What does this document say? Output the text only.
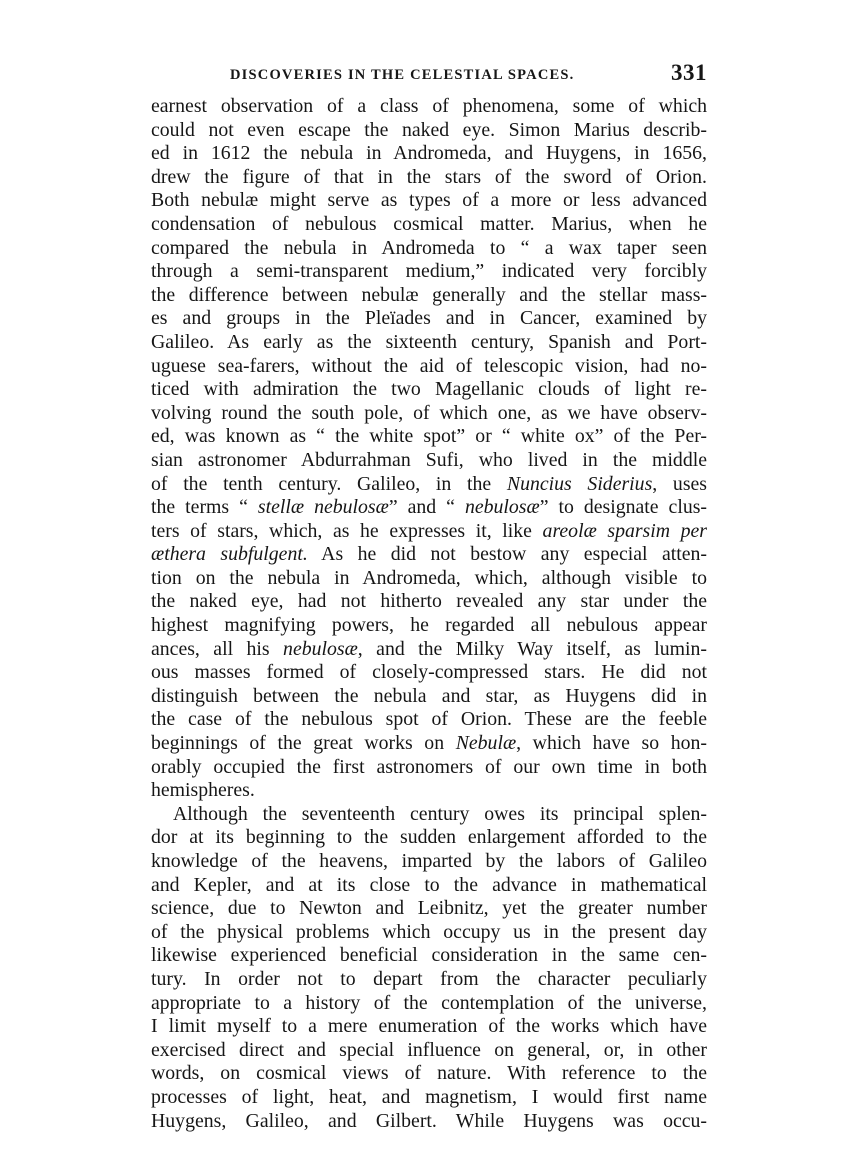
DISCOVERIES IN THE CELESTIAL SPACES.	331
earnest observation of a class of phenomena, some of which
could not even escape the naked eye. Simon Marius describ-
ed in 1612 the nebula in Andromeda, and Huygens, in 1656,
drew the figure of that in the stars of the sword of Orion.
Both nebulæ might serve as types of a more or less advanced
condensation of nebulous cosmical matter. Marius, when he
compared the nebula in Andromeda to “ a wax taper seen
through a semi-transparent medium,” indicated very forcibly
the difference between nebulæ generally and the stellar mass-
es and groups in the Pleïades and in Cancer, examined by
Galileo. As early as the sixteenth century, Spanish and Port-
uguese sea-farers, without the aid of telescopic vision, had no-
ticed with admiration the two Magellanic clouds of light re-
volving round the south pole, of which one, as we have observ-
ed, was known as “ the white spot” or “ white ox” of the Per-
sian astronomer Abdurrahman Sufi, who lived in the middle
of the tenth century. Galileo, in the Nuncius Siderius, uses
the terms “ stellæ nebulosæ” and “ nebulosæ” to designate clus-
ters of stars, which, as he expresses it, like areolæ sparsim per
æthera subfulgent. As he did not bestow any especial atten-
tion on the nebula in Andromeda, which, although visible to
the naked eye, had not hitherto revealed any star under the
highest magnifying powers, he regarded all nebulous appear
ances, all his nebulosæ, and the Milky Way itself, as lumin-
ous masses formed of closely-compressed stars. He did not
distinguish between the nebula and star, as Huygens did in
the case of the nebulous spot of Orion. These are the feeble
beginnings of the great works on Nebulæ, which have so hon-
orably occupied the first astronomers of our own time in both
hemispheres.
Although the seventeenth century owes its principal splen-
dor at its beginning to the sudden enlargement afforded to the
knowledge of the heavens, imparted by the labors of Galileo
and Kepler, and at its close to the advance in mathematical
science, due to Newton and Leibnitz, yet the greater number
of the physical problems which occupy us in the present day
likewise experienced beneficial consideration in the same cen-
tury. In order not to depart from the character peculiarly
appropriate to a history of the contemplation of the universe,
I limit myself to a mere enumeration of the works which have
exercised direct and special influence on general, or, in other
words, on cosmical views of nature. With reference to the
processes of light, heat, and magnetism, I would first name
Huygens, Galileo, and Gilbert. While Huygens was occu-
